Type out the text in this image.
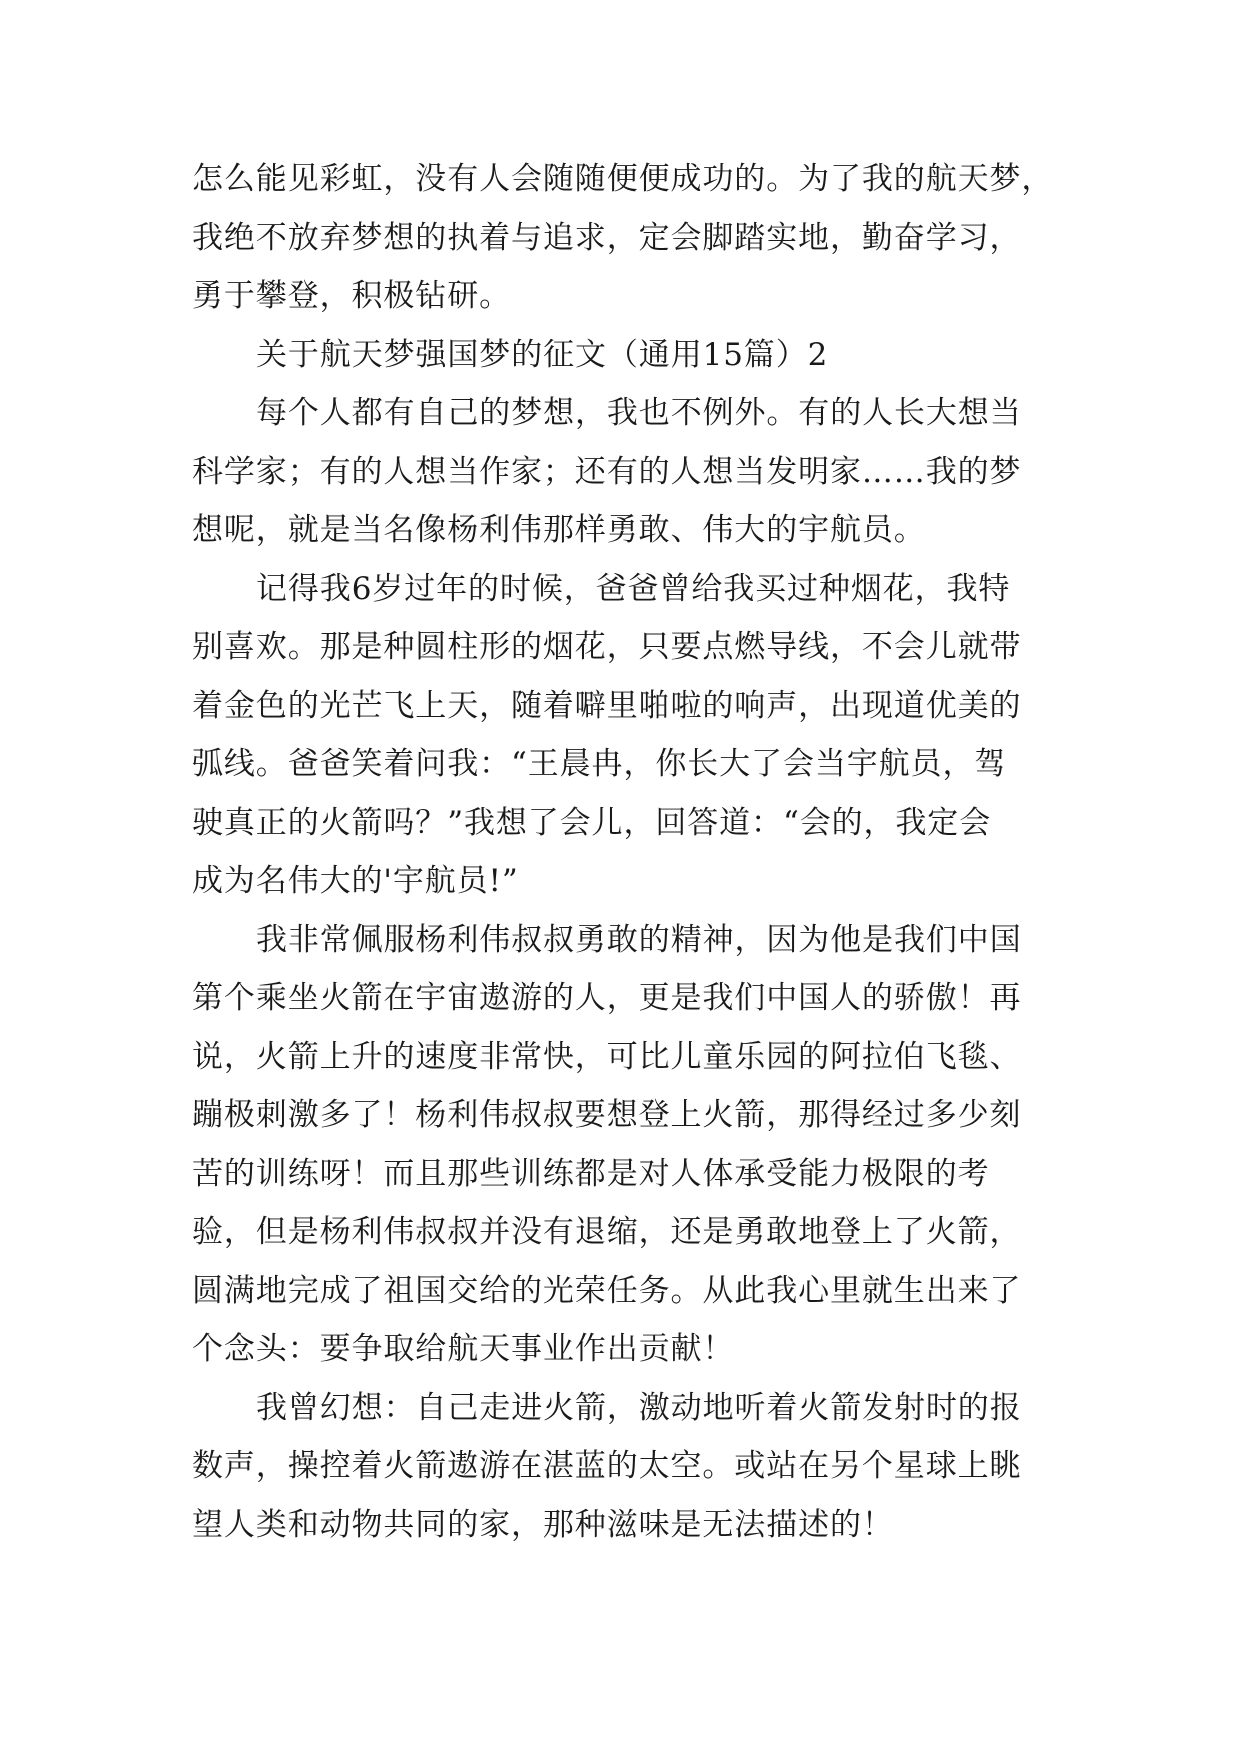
怎么能见彩虹，没有人会随随便便成功的。为了我的航天梦，
我绝不放弃梦想的执着与追求，定会脚踏实地，勤奋学习，
勇于攀登，积极钻研。
关于航天梦强国梦的征文（通用15篇）2
每个人都有自己的梦想，我也不例外。有的人长大想当
科学家；有的人想当作家；还有的人想当发明家……我的梦
想呢，就是当名像杨利伟那样勇敢、伟大的宇航员。
记得我6岁过年的时候，爸爸曾给我买过种烟花，我特
别喜欢。那是种圆柱形的烟花，只要点燃导线，不会儿就带
着金色的光芒飞上天，随着噼里啪啦的响声，出现道优美的
弧线。爸爸笑着问我：“王晨冉，你长大了会当宇航员，驾
驶真正的火箭吗？”我想了会儿，回答道：“会的，我定会
成为名伟大的'宇航员!”
我非常佩服杨利伟叔叔勇敢的精神，因为他是我们中国
第个乘坐火箭在宇宙遨游的人，更是我们中国人的骄傲！再
说，火箭上升的速度非常快，可比儿童乐园的阿拉伯飞毯、
蹦极刺激多了！杨利伟叔叔要想登上火箭，那得经过多少刻
苦的训练呀！而且那些训练都是对人体承受能力极限的考
验，但是杨利伟叔叔并没有退缩，还是勇敢地登上了火箭，
圆满地完成了祖国交给的光荣任务。从此我心里就生出来了
个念头：要争取给航天事业作出贡献！
我曾幻想：自己走进火箭，激动地听着火箭发射时的报
数声，操控着火箭遨游在湛蓝的太空。或站在另个星球上眺
望人类和动物共同的家，那种滋味是无法描述的！
